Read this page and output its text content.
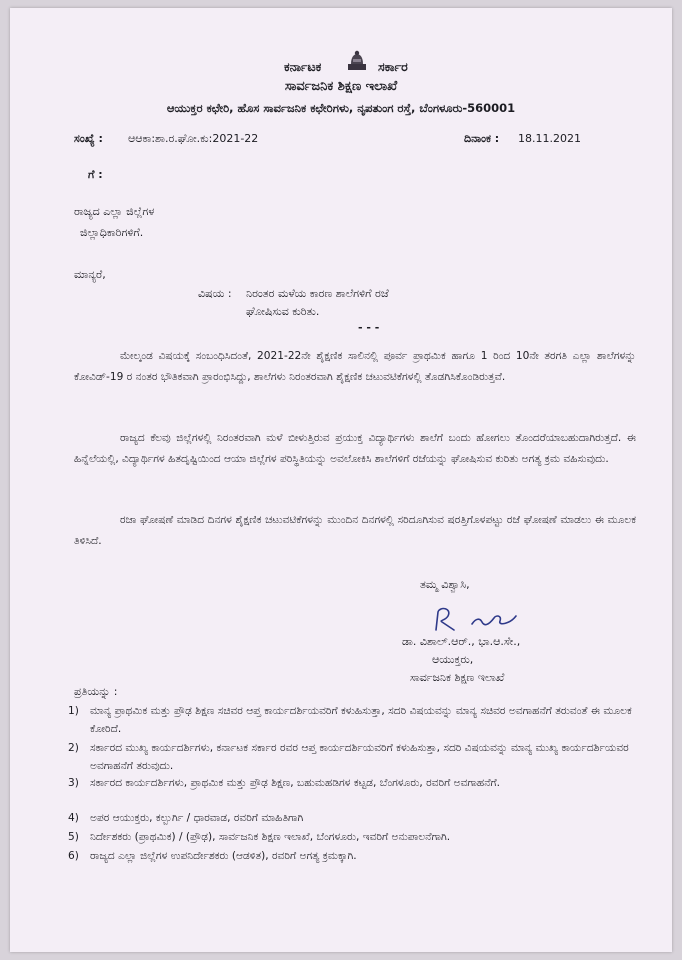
ಕರ್ನಾಟಕ	ಸರ್ಕಾರ
ಸಾರ್ವಜನಿಕ ಶಿಕ್ಷಣ ಇಲಾಖೆ
ಆಯುಕ್ತರ ಕಛೇರಿ, ಹೊಸ ಸಾರ್ವಜನಿಕ ಕಛೇರಿಗಳು, ನೃಪತುಂಗ ರಸ್ತೆ, ಬೆಂಗಳೂರು-560001
ಸಂಖ್ಯೆ : ಆಆಕಾ:ಶಾ.ರ.ಘೋ.ಕು:2021-22	ದಿನಾಂಕ : 18.11.2021
ಗೆ :
ರಾಜ್ಯದ ಎಲ್ಲಾ ಜಿಲ್ಲೆಗಳ
ಜಿಲ್ಲಾಧಿಕಾರಿಗಳಿಗೆ.
ಮಾನ್ಯರೆ,
ವಿಷಯ : ನಿರಂತರ ಮಳೆಯ ಕಾರಣ ಶಾಲೆಗಳಿಗೆ ರಜೆ
ಘೋಷಿಸುವ ಕುರಿತು.
- - -
ಮೇಲ್ಕಂಡ ವಿಷಯಕ್ಕೆ ಸಂಬಂಧಿಸಿದಂತೆ, 2021-22ನೇ ಶೈಕ್ಷಣಿಕ ಸಾಲಿನಲ್ಲಿ ಪೂರ್ವ ಪ್ರಾಥಮಿಕ ಹಾಗೂ 1 ರಿಂದ 10ನೇ ತರಗತಿ ಎಲ್ಲಾ ಶಾಲೆಗಳನ್ನು ಕೋವಿಡ್-19 ರ ನಂತರ ಭೌತಿಕವಾಗಿ ಪ್ರಾರಂಭಿಸಿದ್ದು, ಶಾಲೆಗಳು ನಿರಂತರವಾಗಿ ಶೈಕ್ಷಣಿಕ ಚಟುವಟಿಕೆಗಳಲ್ಲಿ ತೊಡಗಿಸಿಕೊಂಡಿರುತ್ತವೆ.
ರಾಜ್ಯದ ಕೆಲವು ಜಿಲ್ಲೆಗಳಲ್ಲಿ ನಿರಂತರವಾಗಿ ಮಳೆ ಬೀಳುತ್ತಿರುವ ಪ್ರಯುಕ್ತ ವಿದ್ಯಾರ್ಥಿಗಳು ಶಾಲೆಗೆ ಬಂದು ಹೋಗಲು ತೊಂದರೆಯಾಬಹುದಾಗಿರುತ್ತದೆ. ಈ ಹಿನ್ನೆಲೆಯಲ್ಲಿ, ವಿದ್ಯಾರ್ಥಿಗಳ ಹಿತದೃಷ್ಟಿಯಿಂದ ಆಯಾ ಜಿಲ್ಲೆಗಳ ಪರಿಸ್ಥಿತಿಯನ್ನು ಅವಲೋಕಿಸಿ ಶಾಲೆಗಳಿಗೆ ರಜೆಯನ್ನು ಘೋಷಿಸುವ ಕುರಿತು ಅಗತ್ಯ ಕ್ರಮ ವಹಿಸುವುದು.
ರಜಾ ಘೋಷಣೆ ಮಾಡಿದ ದಿನಗಳ ಶೈಕ್ಷಣಿಕ ಚಟುವಟಿಕೆಗಳನ್ನು ಮುಂದಿನ ದಿನಗಳಲ್ಲಿ ಸರಿದೂಗಿಸುವ ಷರತ್ತಿಗೊಳಪಟ್ಟು ರಜೆ ಘೋಷಣೆ ಮಾಡಲು ಈ ಮೂಲಕ ತಿಳಿಸಿದೆ.
ತಮ್ಮ ವಿಶ್ವಾಸಿ,
ಡಾ. ವಿಶಾಲ್.ಆರ್., ಭಾ.ಆ.ಸೇ.,
ಆಯುಕ್ತರು,
ಸಾರ್ವಜನಿಕ ಶಿಕ್ಷಣ ಇಲಾಖೆ
ಪ್ರತಿಯನ್ನು :
1) ಮಾನ್ಯ ಪ್ರಾಥಮಿಕ ಮತ್ತು ಪ್ರೌಢ ಶಿಕ್ಷಣ ಸಚಿವರ ಆಪ್ತ ಕಾರ್ಯದರ್ಶಿಯವರಿಗೆ ಕಳುಹಿಸುತ್ತಾ, ಸದರಿ ವಿಷಯವನ್ನು ಮಾನ್ಯ ಸಚಿವರ ಅವಗಾಹನೆಗೆ ತರುವಂತೆ ಈ ಮೂಲಕ ಕೋರಿದೆ.
2) ಸರ್ಕಾರದ ಮುಖ್ಯ ಕಾರ್ಯದರ್ಶಿಗಳು, ಕರ್ನಾಟಕ ಸರ್ಕಾರ ರವರ ಆಪ್ತ ಕಾರ್ಯದರ್ಶಿಯವರಿಗೆ ಕಳುಹಿಸುತ್ತಾ, ಸದರಿ ವಿಷಯವನ್ನು ಮಾನ್ಯ ಮುಖ್ಯ ಕಾರ್ಯದರ್ಶಿಯವರ ಅವಗಾಹನೆಗೆ ತರುವುದು.
3) ಸರ್ಕಾರದ ಕಾರ್ಯದರ್ಶಿಗಳು, ಪ್ರಾಥಮಿಕ ಮತ್ತು ಪ್ರೌಢ ಶಿಕ್ಷಣ, ಬಹುಮಹಡಿಗಳ ಕಟ್ಟಡ, ಬೆಂಗಳೂರು, ರವರಿಗೆ ಅವಗಾಹನೆಗೆ.
4) ಅಪರ ಆಯುಕ್ತರು, ಕಲ್ಬುರ್ಗಿ / ಧಾರವಾಡ, ರವರಿಗೆ ಮಾಹಿತಿಗಾಗಿ
5) ನಿರ್ದೇಶಕರು (ಪ್ರಾಥಮಿಕ) / (ಪ್ರೌಢ), ಸಾರ್ವಜನಿಕ ಶಿಕ್ಷಣ ಇಲಾಖೆ, ಬೆಂಗಳೂರು, ಇವರಿಗೆ ಅನುಪಾಲನೆಗಾಗಿ.
6) ರಾಜ್ಯದ ಎಲ್ಲಾ ಜಿಲ್ಲೆಗಳ ಉಪನಿರ್ದೇಶಕರು (ಆಡಳಿತ), ರವರಿಗೆ ಅಗತ್ಯ ಕ್ರಮಕ್ಕಾಗಿ.
